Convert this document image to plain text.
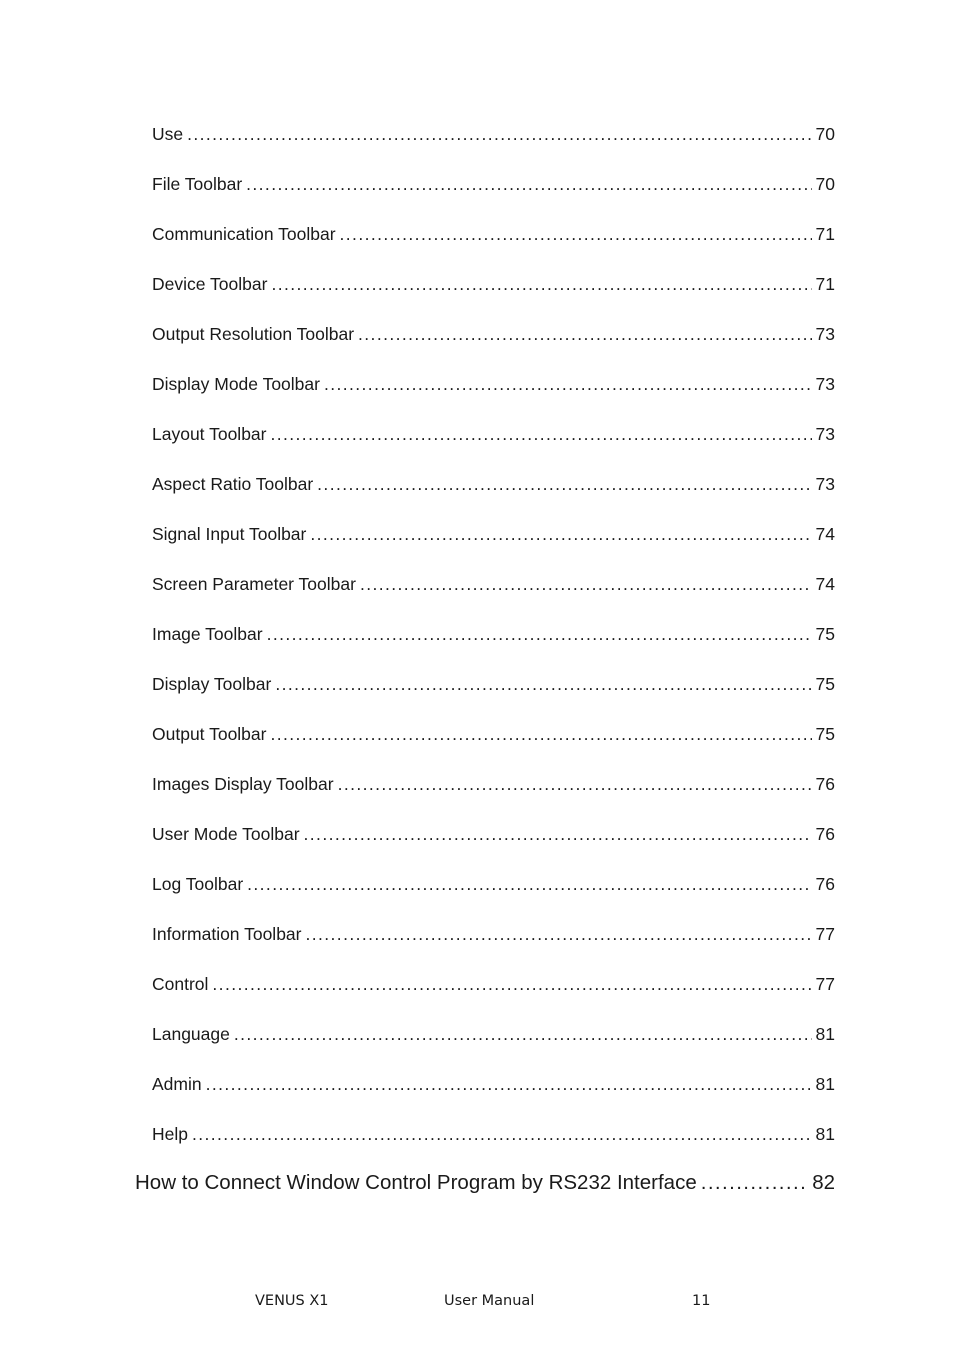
Use .....	70
File Toolbar .....	70
Communication Toolbar .....	71
Device Toolbar .....	71
Output Resolution Toolbar .....	73
Display Mode Toolbar .....	73
Layout Toolbar .....	73
Aspect Ratio Toolbar .....	73
Signal Input Toolbar .....	74
Screen Parameter Toolbar .....	74
Image Toolbar .....	75
Display Toolbar .....	75
Output Toolbar .....	75
Images Display Toolbar .....	76
User Mode Toolbar .....	76
Log Toolbar .....	76
Information Toolbar .....	77
Control .....	77
Language .....	81
Admin .....	81
Help .....	81
How to Connect Window Control Program by RS232 Interface .....	82
VENUS X1	User Manual	11
